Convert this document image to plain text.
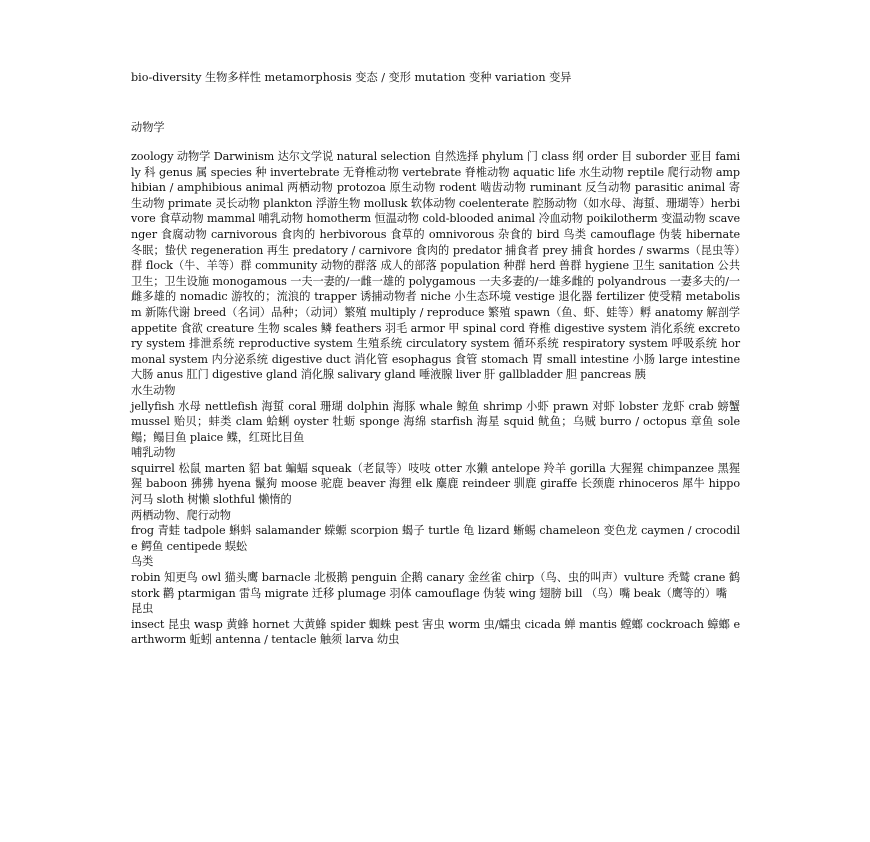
bio-diversity 生物多样性 metamorphosis 变态 / 变形 mutation 变种 variation 变异
动物学
zoology 动物学 Darwinism 达尔文学说 natural selection 自然选择 phylum 门 class 纲 order 目 suborder 亚目 family 科 genus 属 species 种 invertebrate 无脊椎动物 vertebrate 脊椎动物 aquatic life 水生动物 reptile 爬行动物 amphibian / amphibious animal 两栖动物 protozoa 原生动物 rodent 啮齿动物 ruminant 反刍动物 parasitic animal 寄生动物 primate 灵长动物 plankton 浮游生物 mollusk 软体动物 coelenterate 腔肠动物（如水母、海蜇、珊瑚等）herbivore 食草动物 mammal 哺乳动物 homotherm 恒温动物 cold-blooded animal 冷血动物 poikilotherm 变温动物 scavenger 食腐动物 carnivorous 食肉的 herbivorous 食草的 omnivorous 杂食的 bird 鸟类 camouflage 伪装 hibernate 冬眠；蛰伏 regeneration 再生 predatory / carnivore 食肉的 predator 捕食者 prey 捕食 hordes / swarms（昆虫等）群 flock（牛、羊等）群 community 动物的群落 成人的部落 population 种群 herd 兽群 hygiene 卫生 sanitation 公共卫生；卫生设施 monogamous 一夫一妻的/一雌一雄的 polygamous 一夫多妻的/一雄多雌的 polyandrous 一妻多夫的/一雌多雄的 nomadic 游牧的；流浪的 trapper 诱捕动物者 niche 小生态环境 vestige 退化器 fertilizer 使受精 metabolism 新陈代谢 breed（名词）品种；（动词）繁殖 multiply / reproduce 繁殖 spawn（鱼、虾、蛙等）孵 anatomy 解剖学 appetite 食欲 creature 生物 scales 鳞 feathers 羽毛 armor 甲 spinal cord 脊椎 digestive system 消化系统 excretory system 排泄系统 reproductive system 生殖系统 circulatory system 循环系统 respiratory system 呼吸系统 hormonal system 内分泌系统 digestive duct 消化管 esophagus 食管 stomach 胃 small intestine 小肠 large intestine 大肠 anus 肛门 digestive gland 消化腺 salivary gland 唾液腺 liver 肝 gallbladder 胆 pancreas 胰
水生动物
jellyfish 水母 nettlefish 海蜇 coral 珊瑚 dolphin 海豚 whale 鲸鱼 shrimp 小虾 prawn 对虾 lobster 龙虾 crab 螃蟹 mussel 贻贝；蚌类 clam 蛤蜊 oyster 牡蛎 sponge 海绵 starfish 海星 squid 鱿鱼；乌贼 burro / octopus 章鱼 sole 鳎；鳎目鱼 plaice 鲽，红斑比目鱼
哺乳动物
squirrel 松鼠 marten 貂 bat 蝙蝠 squeak（老鼠等）吱吱 otter 水獭 antelope 羚羊 gorilla 大猩猩 chimpanzee 黑猩猩 baboon 狒狒 hyena 鬣狗 moose 驼鹿 beaver 海狸 elk 麋鹿 reindeer 驯鹿 giraffe 长颈鹿 rhinoceros 犀牛 hippo 河马 sloth 树懒 slothful 懒惰的
两栖动物、爬行动物
frog 青蛙 tadpole 蝌蚪 salamander 蝾螈 scorpion 蝎子 turtle 龟 lizard 蜥蜴 chameleon 变色龙 caymen / crocodile 鳄鱼 centipede 蜈蚣
鸟类
robin 知更鸟 owl 猫头鹰 barnacle 北极鹅 penguin 企鹅 canary 金丝雀 chirp（鸟、虫的叫声）vulture 秃鹫 crane 鹤 stork 鹳 ptarmigan 雷鸟 migrate 迁移 plumage 羽体 camouflage 伪装 wing 翅膀 bill （鸟）嘴 beak（鹰等的）嘴
昆虫
insect 昆虫 wasp 黄蜂 hornet 大黄蜂 spider 蜘蛛 pest 害虫 worm 虫/蠕虫 cicada 蝉 mantis 螳螂 cockroach 蟑螂 earthworm 蚯蚓 antenna / tentacle 触须 larva 幼虫
